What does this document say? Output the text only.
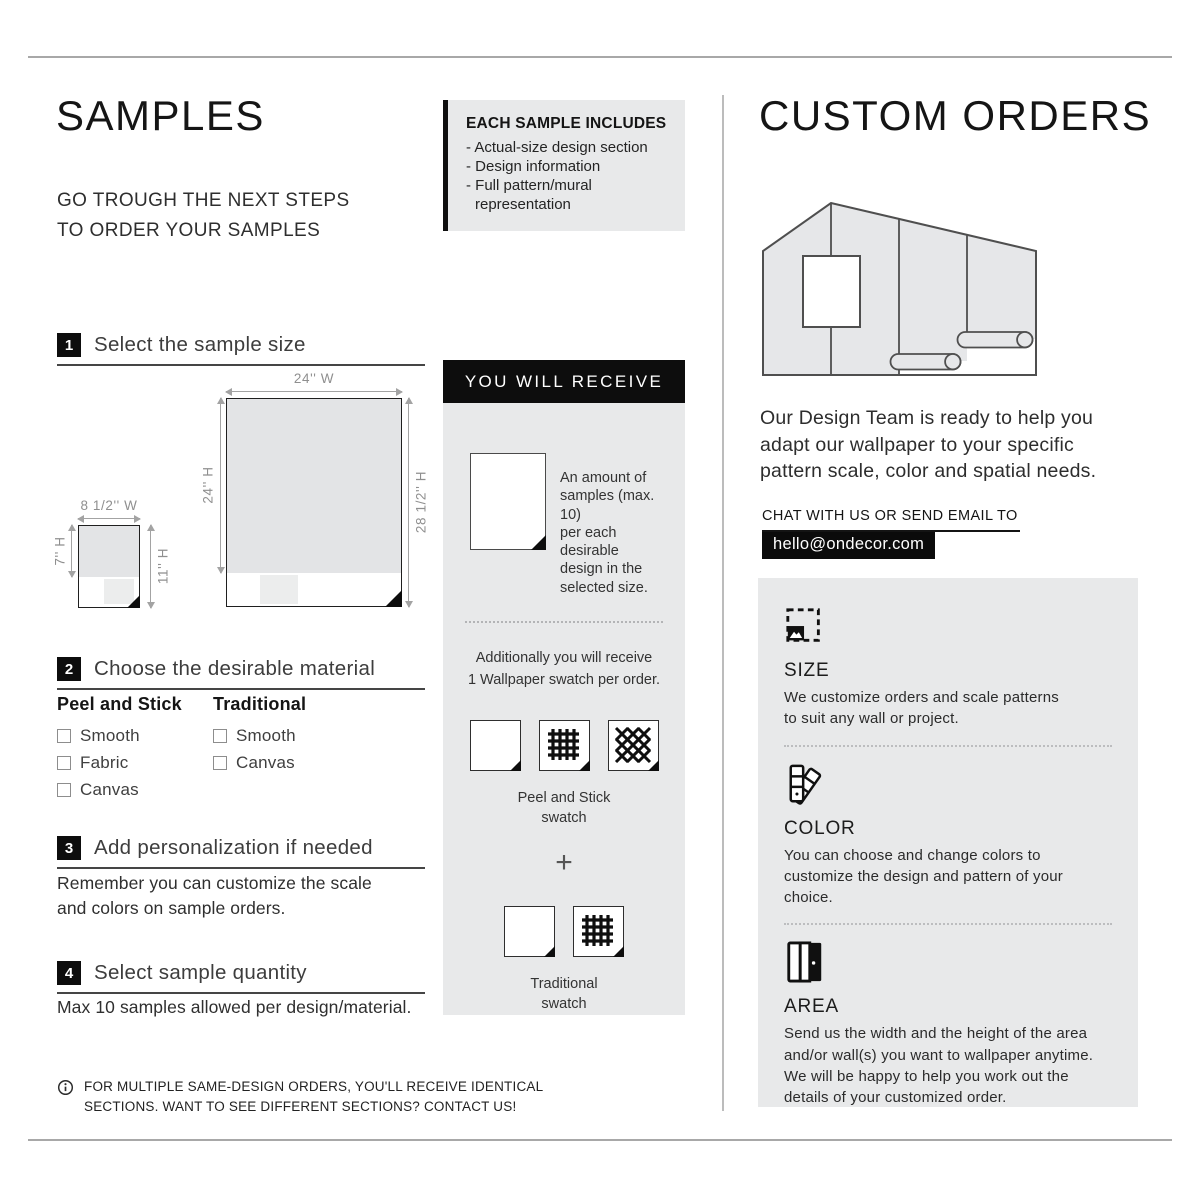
SAMPLES
GO TROUGH THE NEXT STEPS
TO ORDER YOUR SAMPLES
1	Select the sample size
24'' W
24'' H	28 1/2'' H
8 1/2'' W
7'' H	11'' H
2	Choose the desirable material
Peel and Stick
Smooth
Fabric
Canvas
Traditional
Smooth
Canvas
3	Add personalization if needed
Remember you can customize the scale
and colors on sample orders.
4	Select sample quantity
Max 10 samples allowed per design/material.
FOR MULTIPLE SAME-DESIGN ORDERS, YOU'LL RECEIVE IDENTICAL
SECTIONS. WANT TO SEE DIFFERENT SECTIONS? CONTACT US!
EACH SAMPLE INCLUDES
- Actual-size design section
- Design information
- Full pattern/mural representation
YOU WILL RECEIVE
An amount of
samples (max. 10)
per each desirable
design in the
selected size.
Additionally you will receive
1 Wallpaper swatch per order.
Peel and Stick
swatch
+
Traditional
swatch
CUSTOM ORDERS
Our Design Team is ready to help you
adapt our wallpaper to your specific
pattern scale, color and spatial needs.
CHAT WITH US OR SEND EMAIL TO
hello@ondecor.com
SIZE
We customize orders and scale patterns
to suit any wall or project.
COLOR
You can choose and change colors to
customize the design and pattern of your
choice.
AREA
Send us the width and the height of the area
and/or wall(s) you want to wallpaper anytime.
We will be happy to help you work out the
details of your customized order.
